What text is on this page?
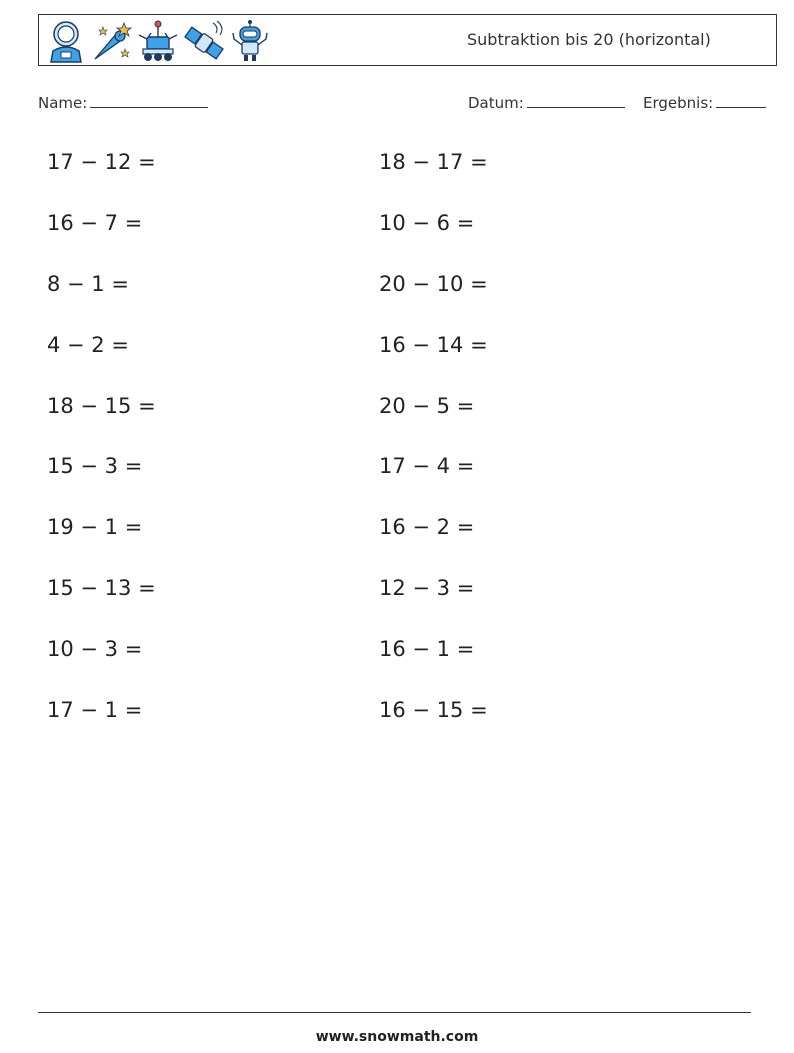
Subtraktion bis 20 (horizontal)
Name:	Datum:	Ergebnis:
17 − 12 =
16 − 7 =
8 − 1 =
4 − 2 =
18 − 15 =
15 − 3 =
19 − 1 =
15 − 13 =
10 − 3 =
17 − 1 =
18 − 17 =
10 − 6 =
20 − 10 =
16 − 14 =
20 − 5 =
17 − 4 =
16 − 2 =
12 − 3 =
16 − 1 =
16 − 15 =
www.snowmath.com
